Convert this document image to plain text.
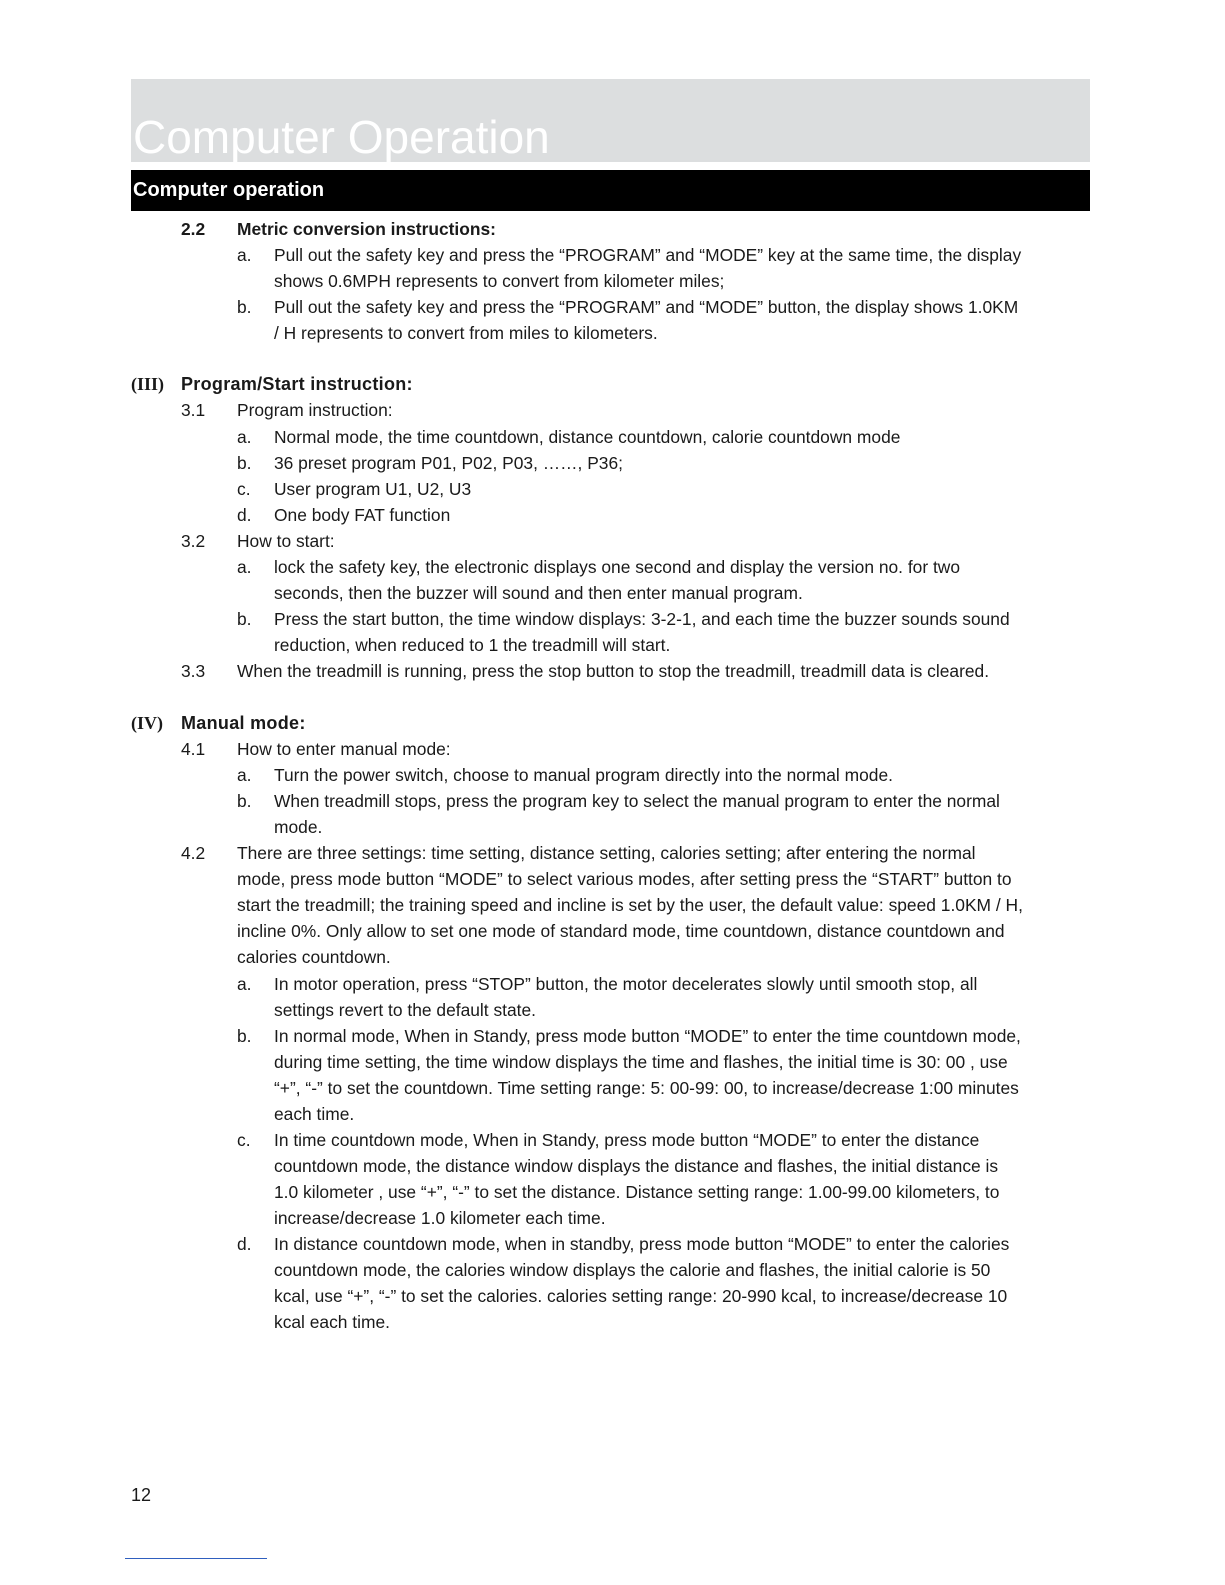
Computer Operation
Computer operation
2.2 Metric conversion instructions:
a. Pull out the safety key and press the “PROGRAM” and “MODE” key at the same time, the display
shows 0.6MPH represents to convert from kilometer miles;
b. Pull out the safety key and press the “PROGRAM” and “MODE” button, the display shows 1.0KM
/ H represents to convert from miles to kilometers.
(III) Program/Start instruction:
3.1 Program instruction:
a. Normal mode, the time countdown, distance countdown, calorie countdown mode
b. 36 preset program P01, P02, P03, ……, P36;
c. User program U1, U2, U3
d. One body FAT function
3.2 How to start:
a. lock the safety key, the electronic displays one second and display the version no. for two
seconds, then the buzzer will sound and then enter manual program.
b. Press the start button, the time window displays: 3-2-1, and each time the buzzer sounds sound
reduction, when reduced to 1 the treadmill will start.
3.3 When the treadmill is running, press the stop button to stop the treadmill, treadmill data is cleared.
(IV) Manual mode:
4.1 How to enter manual mode:
a. Turn the power switch, choose to manual program directly into the normal mode.
b. When treadmill stops, press the program key to select the manual program to enter the normal
mode.
4.2 There are three settings: time setting, distance setting, calories setting; after entering the normal
mode, press mode button “MODE” to select various modes, after setting press the “START” button to
start the treadmill; the training speed and incline is set by the user, the default value: speed 1.0KM / H,
incline 0%. Only allow to set one mode of standard mode, time countdown, distance countdown and
calories countdown.
a. In motor operation, press “STOP” button, the motor decelerates slowly until smooth stop, all
settings revert to the default state.
b. In normal mode, When in Standy, press mode button “MODE” to enter the time countdown mode,
during time setting, the time window displays the time and flashes, the initial time is 30: 00 , use
“+”, “-” to set the countdown. Time setting range: 5: 00-99: 00, to increase/decrease 1:00 minutes
each time.
c. In time countdown mode, When in Standy, press mode button “MODE” to enter the distance
countdown mode, the distance window displays the distance and flashes, the initial distance is
1.0 kilometer , use “+”, “-” to set the distance. Distance setting range: 1.00-99.00 kilometers, to
increase/decrease 1.0 kilometer each time.
d. In distance countdown mode, when in standby, press mode button “MODE” to enter the calories
countdown mode, the calories window displays the calorie and flashes, the initial calorie is 50
kcal, use “+”, “-” to set the calories. calories setting range: 20-990 kcal, to increase/decrease 10
kcal each time.
12
